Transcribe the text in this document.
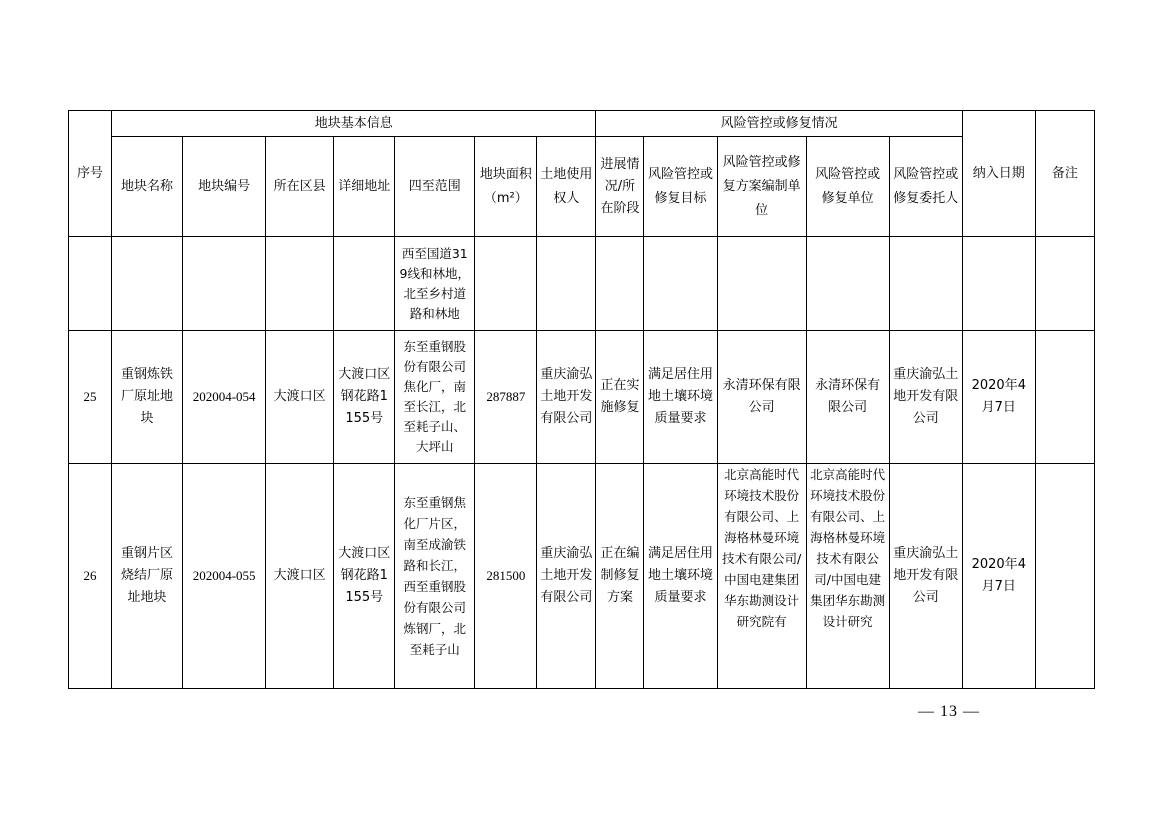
序号	地块基本信息							风险管控或修复情况					纳入日期	备注
	地块名称	地块编号	所在区县	详细地址	四至范围	地块面积（m²）	土地使用权人	进展情况/所在阶段	风险管控或修复目标	风险管控或修复方案编制单位	风险管控或修复单位	风险管控或修复委托人		
					西至国道319线和林地，北至乡村道路和林地									
25	重钢炼铁厂原址地块	202004-054	大渡口区	大渡口区钢花路1155号	东至重钢股份有限公司焦化厂，南至长江，北至耗子山、大坪山	287887	重庆渝弘土地开发有限公司	正在实施修复	满足居住用地土壤环境质量要求	永清环保有限公司	永清环保有限公司	重庆渝弘土地开发有限公司	2020年4月7日	
26	重钢片区烧结厂原址地块	202004-055	大渡口区	大渡口区钢花路1155号	东至重钢焦化厂片区，南至成渝铁路和长江，西至重钢股份有限公司炼钢厂，北至耗子山	281500	重庆渝弘土地开发有限公司	正在编制修复方案	满足居住用地土壤环境质量要求	北京高能时代环境技术股份有限公司、上海格林曼环境技术有限公司/中国电建集团华东勘测设计研究院有	北京高能时代环境技术股份有限公司、上海格林曼环境技术有限公司/中国电建集团华东勘测设计研究	重庆渝弘土地开发有限公司	2020年4月7日	
— 13 —
